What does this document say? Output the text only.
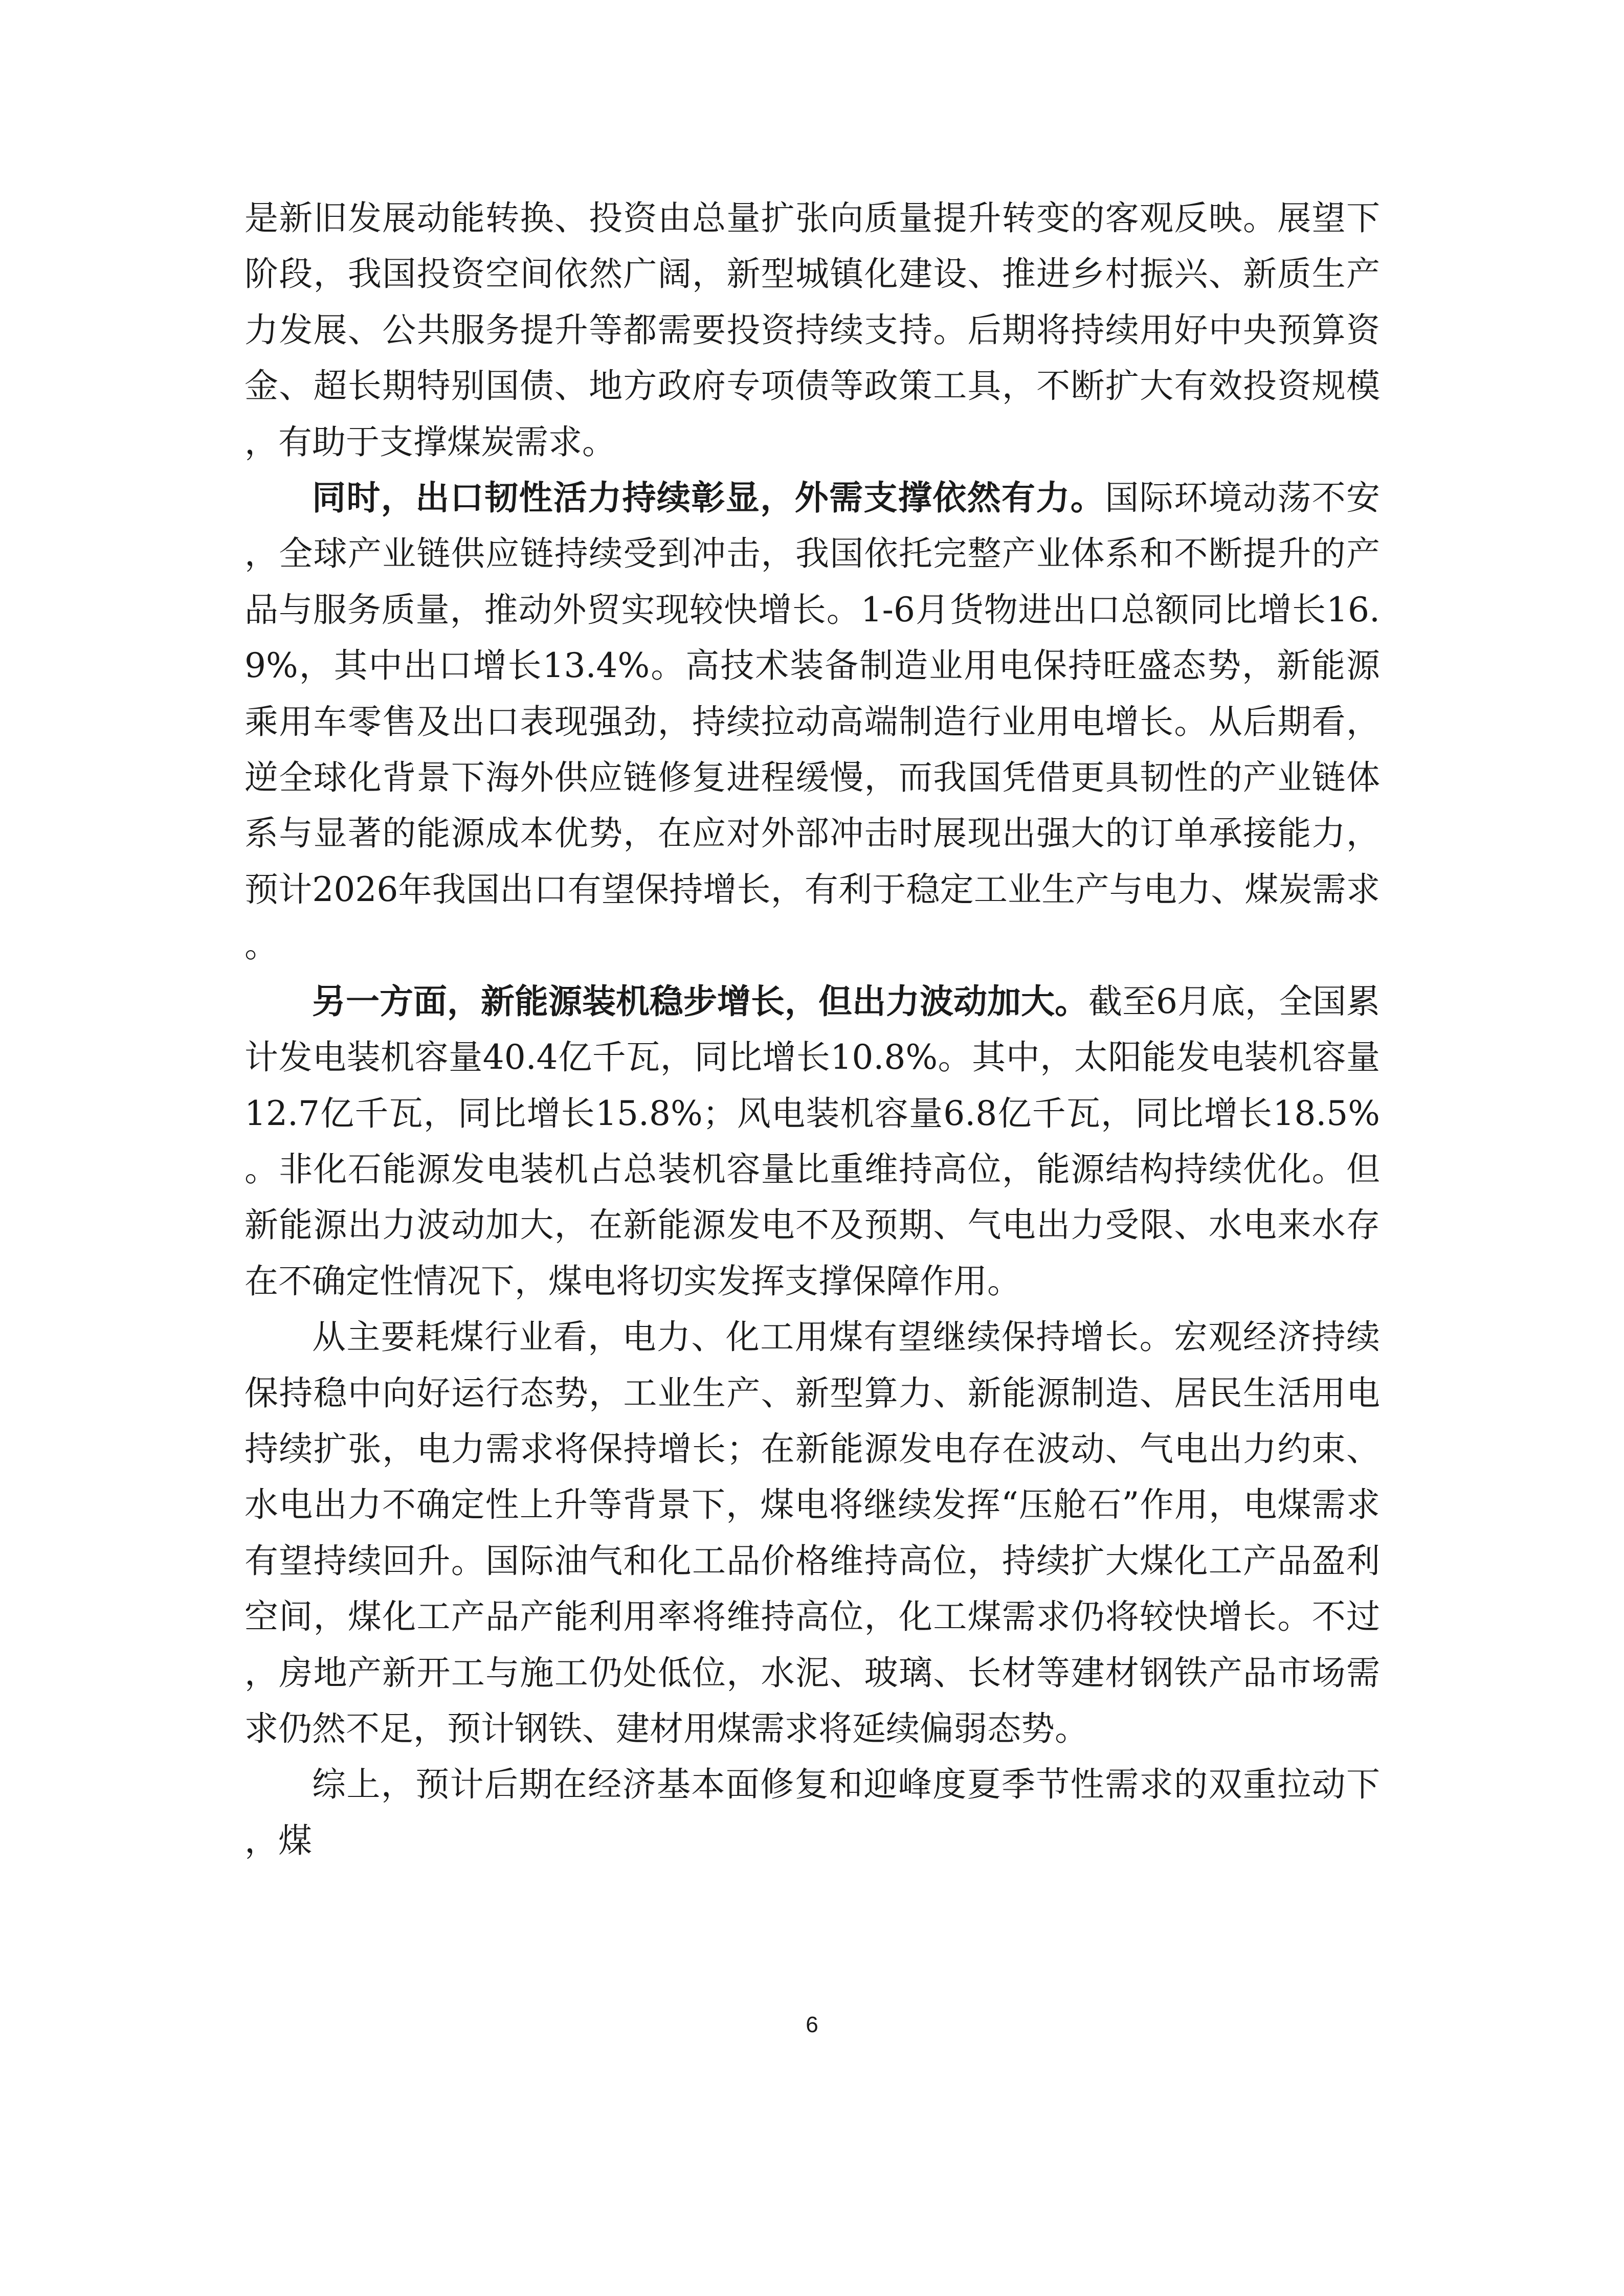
是新旧发展动能转换、投资由总量扩张向质量提升转变的客观反映。展望下阶段，我国投资空间依然广阔，新型城镇化建设、推进乡村振兴、新质生产力发展、公共服务提升等都需要投资持续支持。后期将持续用好中央预算资金、超长期特别国债、地方政府专项债等政策工具，不断扩大有效投资规模，有助于支撑煤炭需求。

同时，出口韧性活力持续彰显，外需支撑依然有力。国际环境动荡不安，全球产业链供应链持续受到冲击，我国依托完整产业体系和不断提升的产品与服务质量，推动外贸实现较快增长。1-6月货物进出口总额同比增长16.9%，其中出口增长13.4%。高技术装备制造业用电保持旺盛态势，新能源乘用车零售及出口表现强劲，持续拉动高端制造行业用电增长。从后期看，逆全球化背景下海外供应链修复进程缓慢，而我国凭借更具韧性的产业链体系与显著的能源成本优势，在应对外部冲击时展现出强大的订单承接能力，预计2026年我国出口有望保持增长，有利于稳定工业生产与电力、煤炭需求。

另一方面，新能源装机稳步增长，但出力波动加大。截至6月底，全国累计发电装机容量40.4亿千瓦，同比增长10.8%。其中，太阳能发电装机容量12.7亿千瓦，同比增长15.8%；风电装机容量6.8亿千瓦，同比增长18.5%。非化石能源发电装机占总装机容量比重维持高位，能源结构持续优化。但新能源出力波动加大，在新能源发电不及预期、气电出力受限、水电来水存在不确定性情况下，煤电将切实发挥支撑保障作用。

从主要耗煤行业看，电力、化工用煤有望继续保持增长。宏观经济持续保持稳中向好运行态势，工业生产、新型算力、新能源制造、居民生活用电持续扩张，电力需求将保持增长；在新能源发电存在波动、气电出力约束、水电出力不确定性上升等背景下，煤电将继续发挥“压舱石”作用，电煤需求有望持续回升。国际油气和化工品价格维持高位，持续扩大煤化工产品盈利空间，煤化工产品产能利用率将维持高位，化工煤需求仍将较快增长。不过，房地产新开工与施工仍处低位，水泥、玻璃、长材等建材钢铁产品市场需求仍然不足，预计钢铁、建材用煤需求将延续偏弱态势。

综上，预计后期在经济基本面修复和迎峰度夏季节性需求的双重拉动下，煤

6
